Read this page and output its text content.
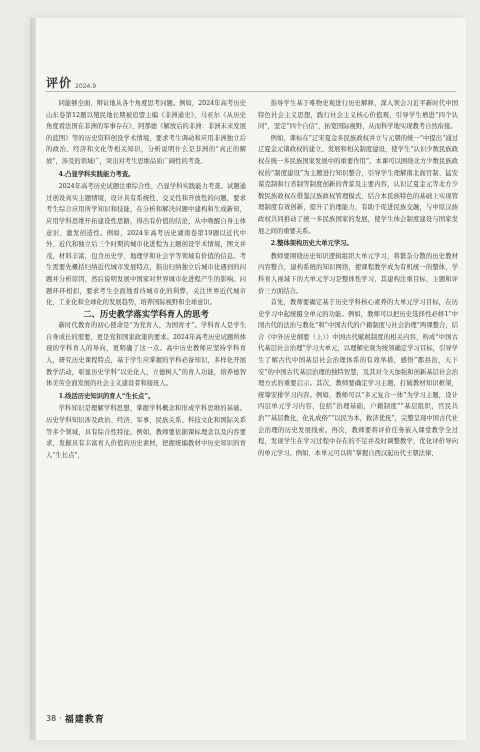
评价 2024.9

同能够全面、辩证地从各个角度思考问题。例如，2024年高考历史山东卷第12题以殖民地长期被追盟主编《非洲通史》、马亚尔《从历史角度看法国在非洲的军事存在》、阿那德《解放后的非洲：非洲未来发展的蓝图》等的历史资料创设学术情境，要求考生调动和应用非洲独立后的政治、经济和文化等相关知识，分析说明什么是非洲的“真正的解放”，涉及的领域广，突出对考生思维品质广阔性的考查。

4.凸显学科实践能力考查。

2024年高考历史试题注重综合性，凸显学科实践能力考查。试题通过创设真实主题情境，设计具有系统性、交叉性和开放性的问题，要求考生综合应用所学知识和技能，在分析和解决问题中建构和生成新知，应用学科思维开拓建设性思路，得出有价值的结论，从中唤醒自身主体意识、激发创造性。例如，2024年高考历史湖南卷第19题以近代中外、近代和独立后三个时期的城市化进程为主题创设学术情境，图文并茂，材料丰富，包含历史学、地理学和社会学等领域有价值的信息。考生需要先概括归纳近代城市发展特点，指出归纳独立后城市化遇到的问题并分析原因，然后说明发展中国家对世界城市化进程产生的影响。问题环环相扣，要求考生全面地看待城市化的利弊，关注世界近代城市化、工业化和全球化的发展趋势，培养国际视野和全球意识。

二、历史教学落实学科育人的思考

新时代教育的初心使命是“为党育人，为国育才”。学科育人是学生自身成长的需要，更是党和国家政策的要求。2024年高考历史试题所体现的学科育人的导向，更明确了这一点。高中历史教师应坚持学科育人，研究历史课程特点，基于学生应掌握的学科必备知识，多样化开展教学活动，彰显历史学科“以史化人，立德树人”的育人功能，培养德智体美劳全面发展的社会主义建设者和接班人。

1.线活历史知识的育人“生长点”。

学科知识是理解学科思想、掌握学科概念和形成学科思维的基础。历史学科知识涉及政治、经济、军事、民族关系、科技文化和国际关系等多个领域，具有综合性特征。例如，教师要依据课标理念以及内容要求，发掘具有丰富育人价值的历史素材，把握统编教材中历史知识的育人“生长点”，

指导学生基于唯物史观进行历史解释，深入领会习近平新时代中国特色社会主义思想，践行社会主义核心价值观，引导学生增进“四个认同”，坚定“四个自信”，拓宽国际视野，从而科学地实现教考自然衔接。

例如，课标在“辽宋夏金多民族政权并立与元朝的统一”中提出“通过辽夏金元诸政权的建立、发展和相关制度建设，使学生“认识少数民族政权在统一多民族国家发展中的重要作用”。本课可以围绕北方少数民族政权的“制度建设”为主题进行知识整合，引导学生理解南北面官制、猛安谋克制和行省制等制度创新的背景及主要内容，认识辽夏金元等北方少数民族政权在借鉴汉族政权管理模式、结合本民族特色的基础上实现管理制度有效创新，提升了治理能力，有助于促进民族交融，与中原汉族政权共同推动了统一多民族国家的发展，使学生体会制度建设与国家发展之间的重要关系。

2.整体架构历史大单元学习。

教师要围绕历史知识逻辑组织大单元学习，将繁杂分散的历史教材内容整合，建构系统的知识网络，使课程教学成为有机统一的整体，学科育人视域下的大单元学习是整体性学习，其建构注重目标、主题和评价三方面结合。

首先，教师要确定基于历史学科核心素养的大单元学习目标，在历史学习中起统摄全单元的功能。例如，教师可以把历史选择性必修1“中国古代的法治与教化”和“中国古代的户籍制度与社会治理”两课整合，结合《中外历史纲要（上）》中国古代赋税制度的相关内容，构成“中国古代基层社会治理”学习大单元，以理解史观为统领确定学习目标，引导学生了解古代中国基层社会治理体系的有效举措，感悟“郡县治，天下安”的中国古代基层治理的独特智慧，及其对今天加强和创新基层社会治理方式的重要启示。其次，教师要确定学习主题，打破教材知识框架，统筹安排学习内容。例如，教师可以“多元复合一体”为学习主题，设计四层单元学习内容，包括“治理基础，户籍制度”“基层组织，官民共治”“基层教化，化礼成俗”“以民为本，救济优抚”，完整呈现中国古代社会治理的历史发展线索。再次，教师要将评价任务嵌入课堂教学全过程，发现学生在学习过程中存在的不足并及时调整教学，优化评价导向的单元学习。例如，本单元可以将“掌握自西汉起历代王朝法律、

38 · 福建教育
